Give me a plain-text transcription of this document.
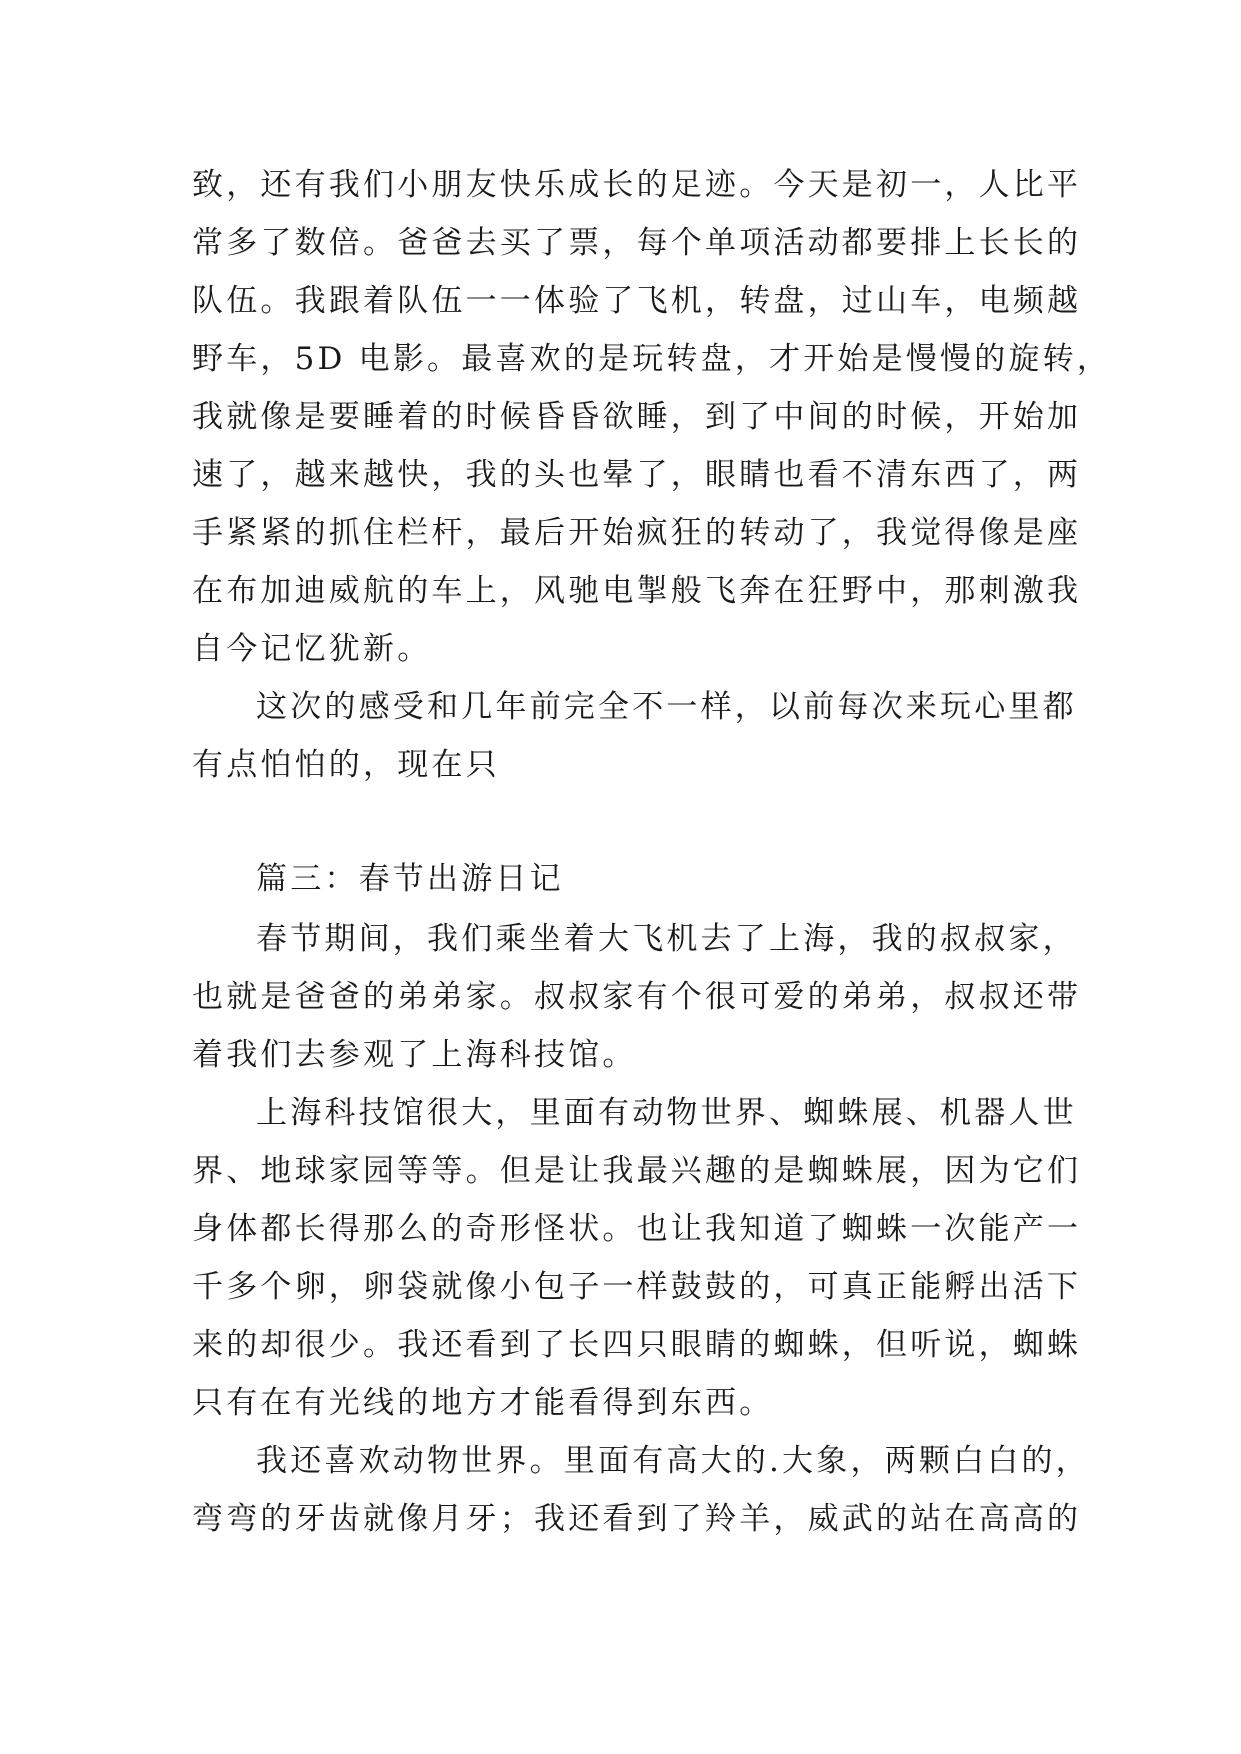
致，还有我们小朋友快乐成长的足迹。今天是初一，人比平
常多了数倍。爸爸去买了票，每个单项活动都要排上长长的
队伍。我跟着队伍一一体验了飞机，转盘，过山车，电频越
野车，5D 电影。最喜欢的是玩转盘，才开始是慢慢的旋转，
我就像是要睡着的时候昏昏欲睡，到了中间的时候，开始加
速了，越来越快，我的头也晕了，眼睛也看不清东西了，两
手紧紧的抓住栏杆，最后开始疯狂的转动了，我觉得像是座
在布加迪威航的车上，风驰电掣般飞奔在狂野中，那刺激我
自今记忆犹新。
这次的感受和几年前完全不一样，以前每次来玩心里都
有点怕怕的，现在只
篇三：春节出游日记
春节期间，我们乘坐着大飞机去了上海，我的叔叔家，
也就是爸爸的弟弟家。叔叔家有个很可爱的弟弟，叔叔还带
着我们去参观了上海科技馆。
上海科技馆很大，里面有动物世界、蜘蛛展、机器人世
界、地球家园等等。但是让我最兴趣的是蜘蛛展，因为它们
身体都长得那么的奇形怪状。也让我知道了蜘蛛一次能产一
千多个卵，卵袋就像小包子一样鼓鼓的，可真正能孵出活下
来的却很少。我还看到了长四只眼睛的蜘蛛，但听说，蜘蛛
只有在有光线的地方才能看得到东西。
我还喜欢动物世界。里面有高大的.大象，两颗白白的，
弯弯的牙齿就像月牙；我还看到了羚羊，威武的站在高高的
